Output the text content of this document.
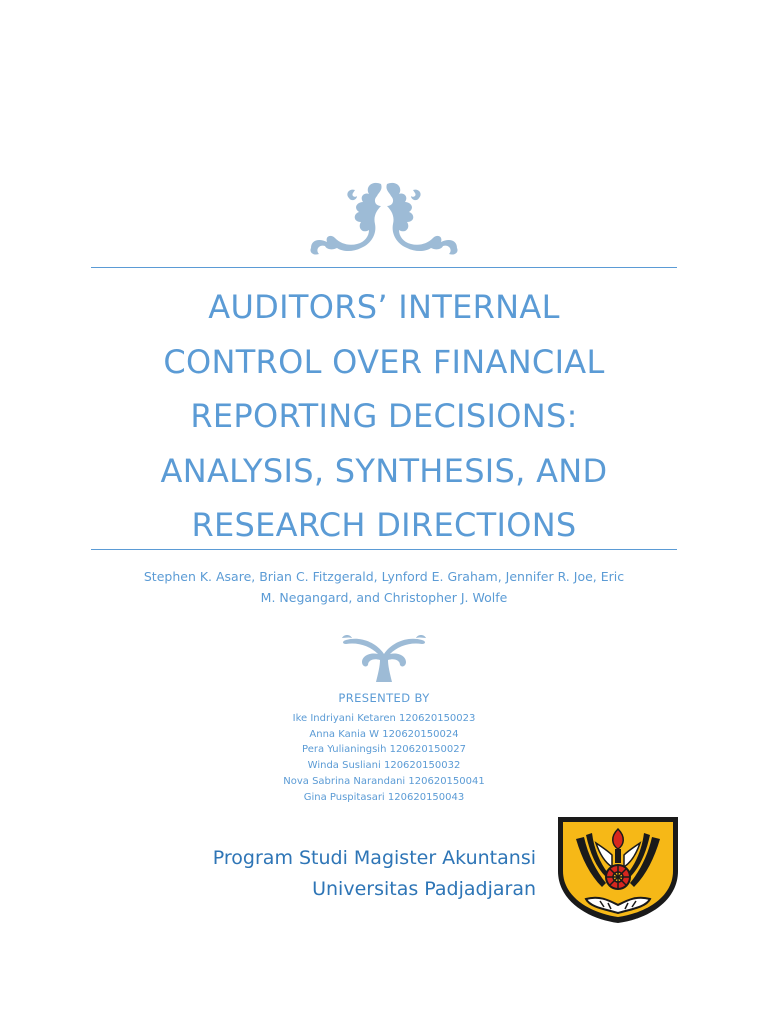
AUDITORS’ INTERNAL
CONTROL OVER FINANCIAL
REPORTING DECISIONS:
ANALYSIS, SYNTHESIS, AND
RESEARCH DIRECTIONS
Stephen K. Asare, Brian C. Fitzgerald, Lynford E. Graham, Jennifer R. Joe, Eric
M. Negangard, and Christopher J. Wolfe
PRESENTED BY
Ike Indriyani Ketaren 120620150023
Anna Kania W 120620150024
Pera Yulianingsih 120620150027
Winda Susliani 120620150032
Nova Sabrina Narandani 120620150041
Gina Puspitasari 120620150043
Program Studi Magister Akuntansi
Universitas Padjadjaran
